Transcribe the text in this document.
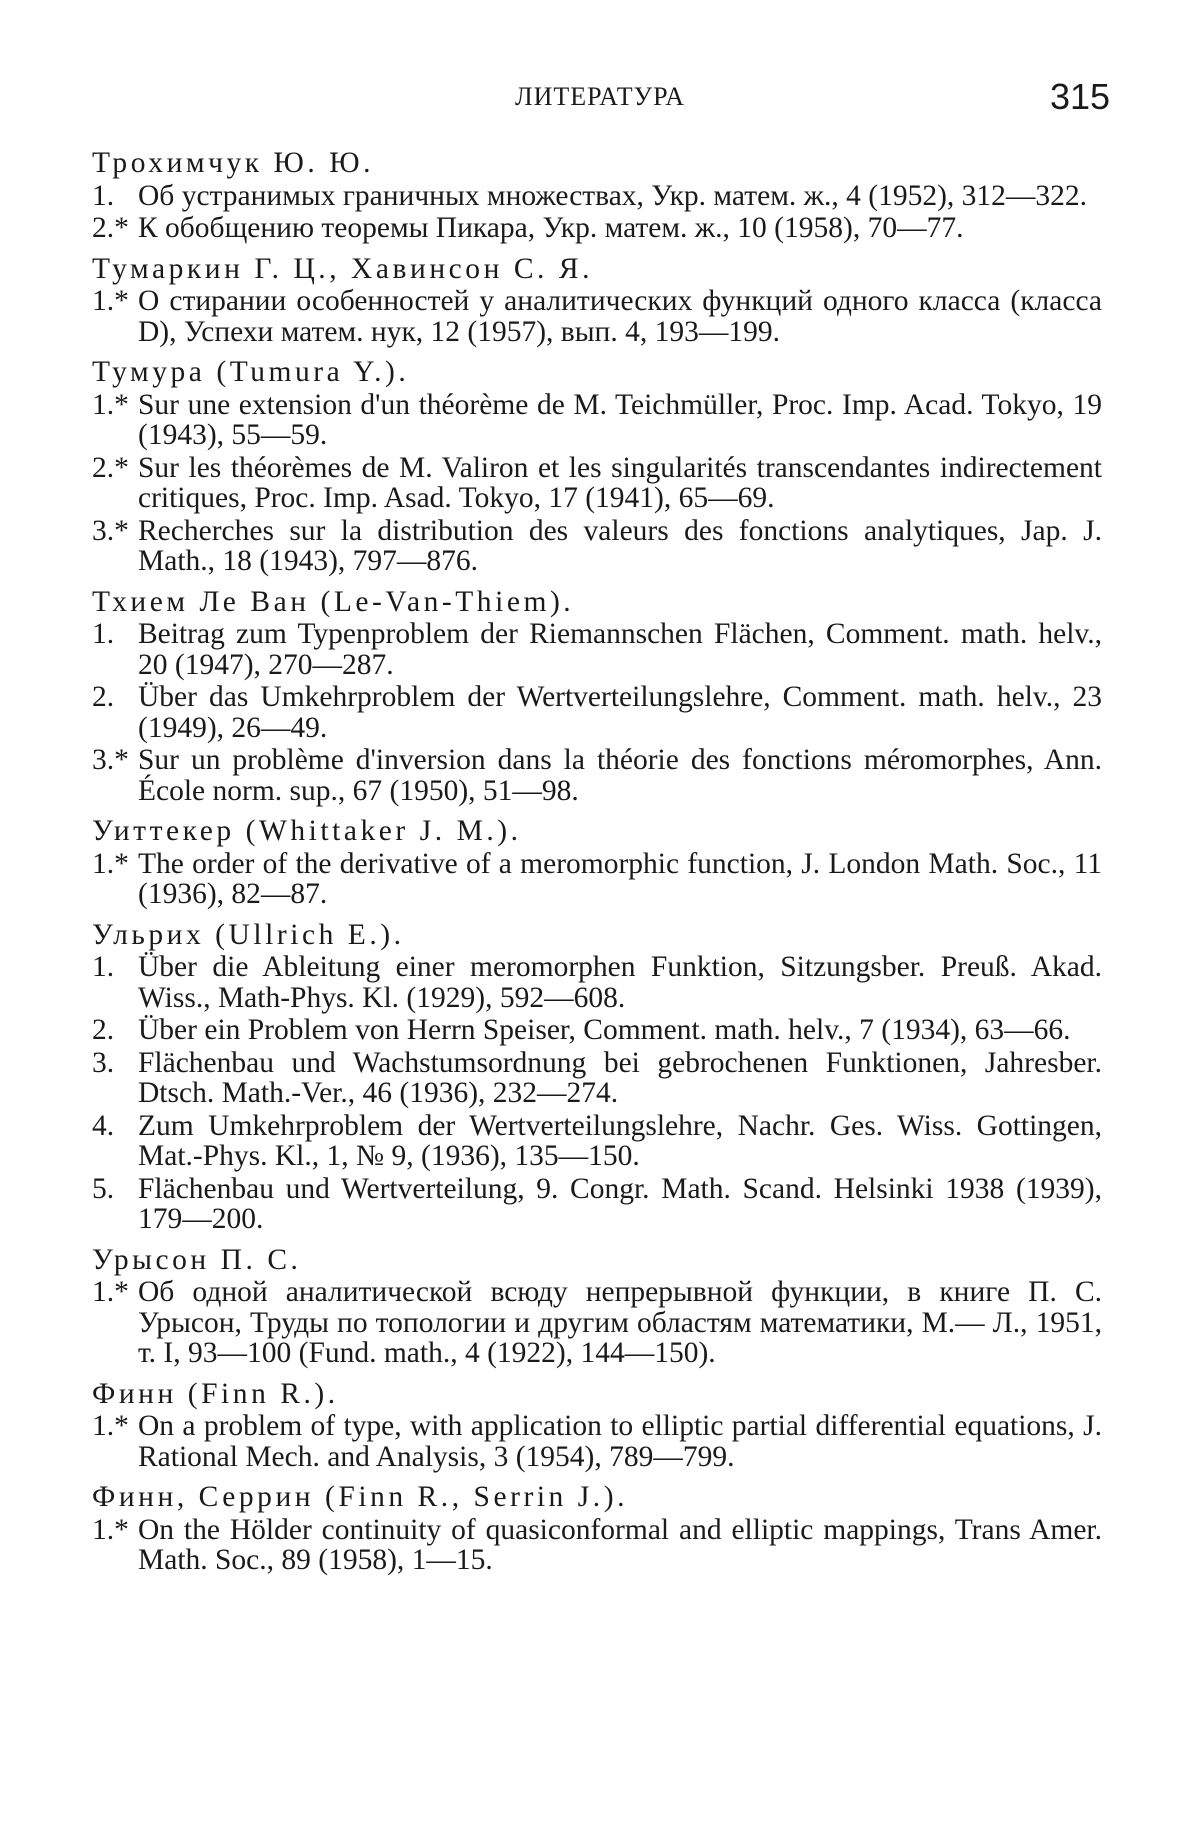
ЛИТЕРАТУРА	315
Трохимчук Ю. Ю.
1. Об устранимых граничных множествах, Укр. матем. ж., 4 (1952), 312—322.
2.* К обобщению теоремы Пикара, Укр. матем. ж., 10 (1958), 70—77.
Тумаркин Г. Ц., Хавинсон С. Я.
1.* О стирании особенностей у аналитических функций одного класса (класса D), Успехи матем. нук, 12 (1957), вып. 4, 193—199.
Тумура (Tumura Y.).
1.* Sur une extension d'un théorème de M. Teichmüller, Proc. Imp. Acad. Tokyo, 19 (1943), 55—59.
2.* Sur les théorèmes de M. Valiron et les singularités transcendantes indirectement critiques, Proc. Imp. Asad. Tokyo, 17 (1941), 65—69.
3.* Recherches sur la distribution des valeurs des fonctions analytiques, Jap. J. Math., 18 (1943), 797—876.
Тхием Ле Ван (Le-Van-Thiem).
1. Beitrag zum Typenproblem der Riemannschen Flächen, Comment. math. helv., 20 (1947), 270—287.
2. Über das Umkehrproblem der Wertverteilungslehre, Comment. math. helv., 23 (1949), 26—49.
3.* Sur un problème d'inversion dans la théorie des fonctions méromorphes, Ann. École norm. sup., 67 (1950), 51—98.
Уиттекер (Whittaker J. M.).
1.* The order of the derivative of a meromorphic function, J. London Math. Soc., 11 (1936), 82—87.
Ульрих (Ullrich E.).
1. Über die Ableitung einer meromorphen Funktion, Sitzungsber. Preuß. Akad. Wiss., Math-Phys. Kl. (1929), 592—608.
2. Über ein Problem von Herrn Speiser, Comment. math. helv., 7 (1934), 63—66.
3. Flächenbau und Wachstumsordnung bei gebrochenen Funktionen, Jahresber. Dtsch. Math.-Ver., 46 (1936), 232—274.
4. Zum Umkehrproblem der Wertverteilungslehre, Nachr. Ges. Wiss. Gottingen, Mat.-Phys. Kl., 1, № 9, (1936), 135—150.
5. Flächenbau und Wertverteilung, 9. Congr. Math. Scand. Helsinki 1938 (1939), 179—200.
Урысон П. С.
1.* Об одной аналитической всюду непрерывной функции, в книге П. С. Урысон, Труды по топологии и другим областям математики, М.— Л., 1951, т. I, 93—100 (Fund. math., 4 (1922), 144—150).
Финн (Finn R.).
1.* On a problem of type, with application to elliptic partial differential equations, J. Rational Mech. and Analysis, 3 (1954), 789—799.
Финн, Серрин (Finn R., Serrin J.).
1.* On the Hölder continuity of quasiconformal and elliptic mappings, Trans Amer. Math. Soc., 89 (1958), 1—15.
